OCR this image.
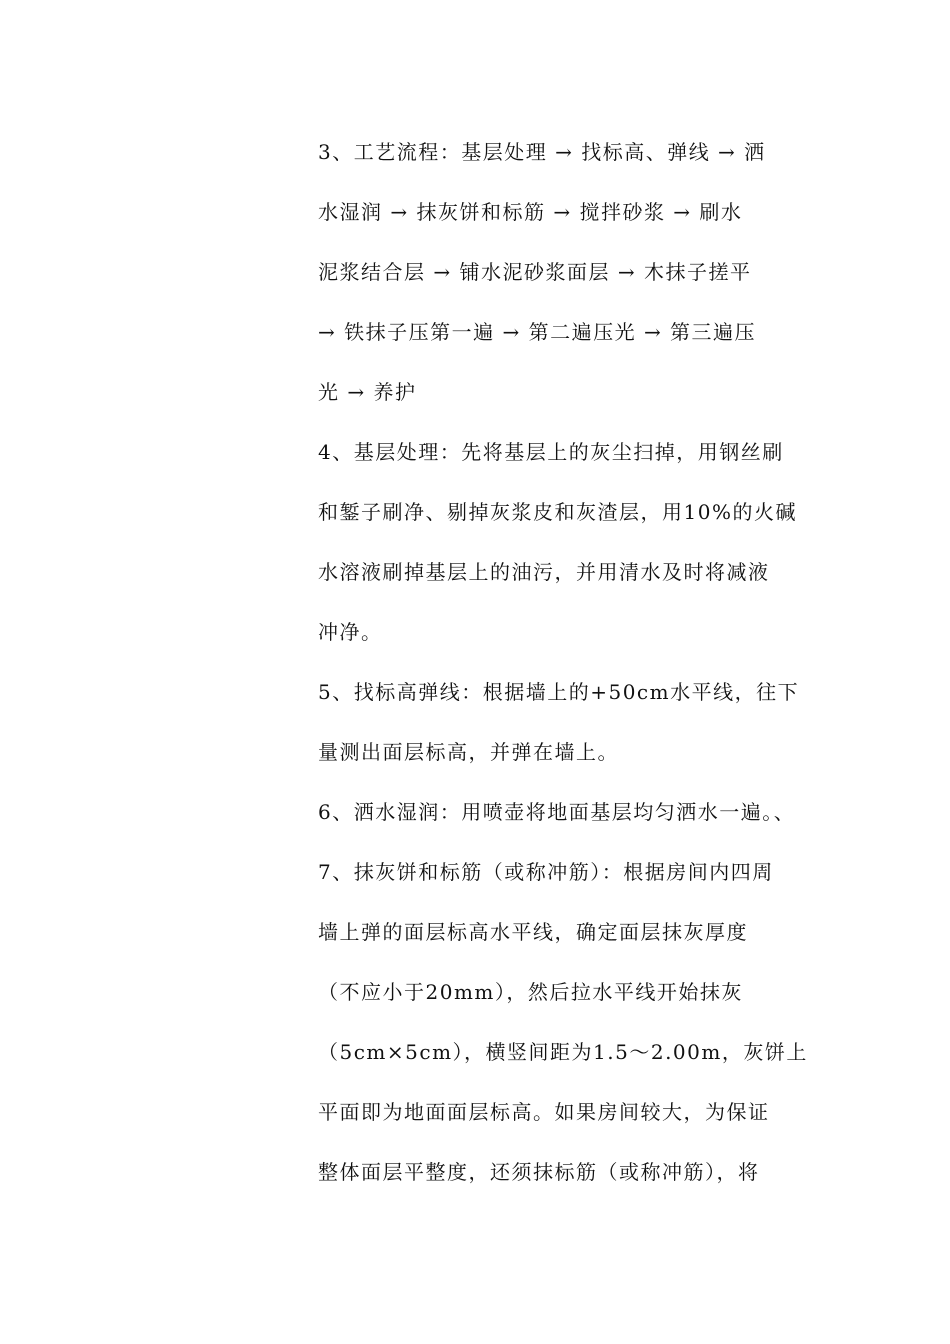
3、工艺流程：基层处理 → 找标高、弹线 → 洒
水湿润 → 抹灰饼和标筋 → 搅拌砂浆 → 刷水
泥浆结合层 → 铺水泥砂浆面层 → 木抹子搓平
→ 铁抹子压第一遍 → 第二遍压光 → 第三遍压
光 → 养护
4、基层处理：先将基层上的灰尘扫掉，用钢丝刷
和錾子刷净、剔掉灰浆皮和灰渣层，用10%的火碱
水溶液刷掉基层上的油污，并用清水及时将减液
冲净。
5、找标高弹线：根据墙上的+50cm水平线，往下
量测出面层标高，并弹在墙上。
6、洒水湿润：用喷壶将地面基层均匀洒水一遍。、
7、抹灰饼和标筋（或称冲筋）：根据房间内四周
墙上弹的面层标高水平线，确定面层抹灰厚度
（不应小于20mm），然后拉水平线开始抹灰
（5cm×5cm），横竖间距为1.5～2.00m，灰饼上
平面即为地面面层标高。如果房间较大，为保证
整体面层平整度，还须抹标筋（或称冲筋），将
